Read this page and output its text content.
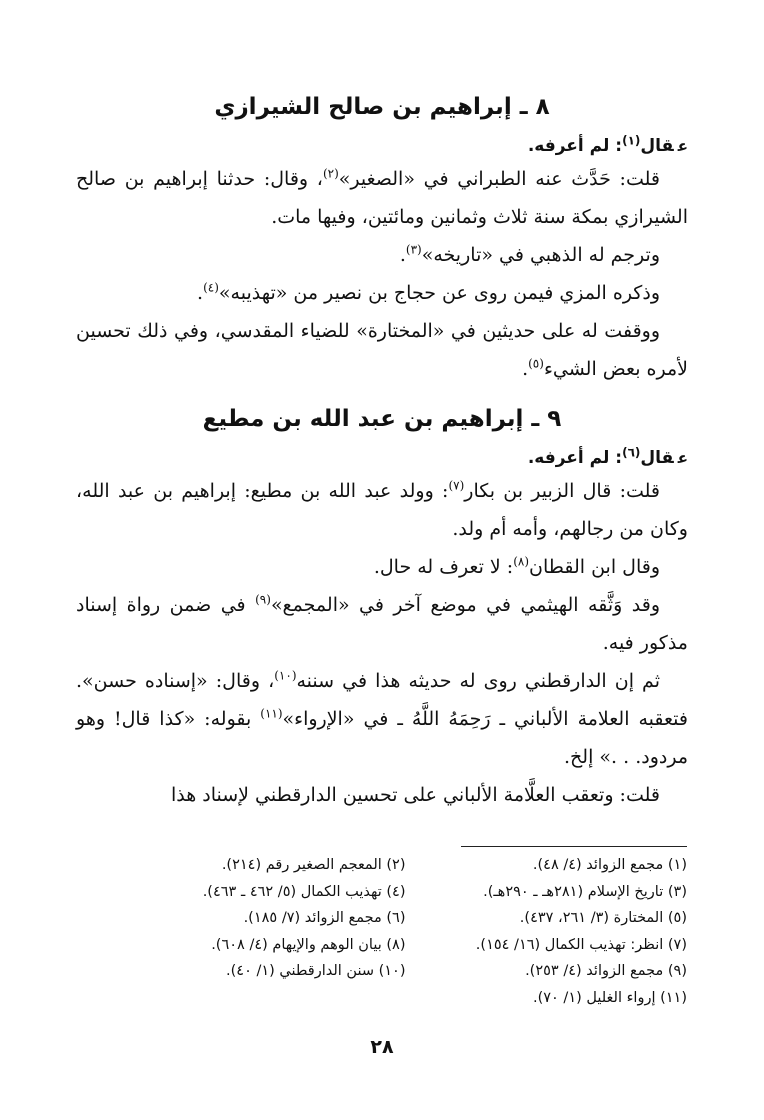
٨ ـ إبراهيم بن صالح الشيرازي

عقال$^{(١)}$: لم أعرفه.

قلت: حَدَّث عنه الطبراني في «الصغير»$^{(٢)}$، وقال: حدثنا إبراهيم بن صالح الشيرازي بمكة سنة ثلاث وثمانين ومائتين، وفيها مات.

وترجم له الذهبي في «تاريخه»$^{(٣)}$.

وذكره المزي فيمن روى عن حجاج بن نصير من «تهذيبه»$^{(٤)}$.

ووقفت له على حديثين في «المختارة» للضياء المقدسي، وفي ذلك تحسين لأمره بعض الشيء$^{(٥)}$.

٩ ـ إبراهيم بن عبد الله بن مطيع

عقال$^{(٦)}$: لم أعرفه.

قلت: قال الزبير بن بكار$^{(٧)}$: وولد عبد الله بن مطيع: إبراهيم بن عبد الله، وكان من رجالهم، وأمه أم ولد.

وقال ابن القطان$^{(٨)}$: لا تعرف له حال.

وقد وَثَّقه الهيثمي في موضع آخر في «المجمع»$^{(٩)}$ في ضمن رواة إسناد مذكور فيه.

ثم إن الدارقطني روى له حديثه هذا في سننه$^{(١٠)}$، وقال: «إسناده حسن». فتعقبه العلامة الألباني ـ رَحِمَهُ اللَّهُ ـ في «الإرواء»$^{(١١)}$ بقوله: «كذا قال! وهو مردود. . .» إلخ.

قلت: وتعقب العلَّامة الألباني على تحسين الدارقطني لإسناد هذا

(١) مجمع الزوائد (٤/ ٤٨).
(٢) المعجم الصغير رقم (٢١٤).
(٣) تاريخ الإسلام (٢٨١هـ ـ ٢٩٠هـ).
(٤) تهذيب الكمال (٥/ ٤٦٢ ـ ٤٦٣).
(٥) المختارة (٣/ ٢٦١، ٤٣٧).
(٦) مجمع الزوائد (٧/ ١٨٥).
(٧) انظر: تهذيب الكمال (١٦/ ١٥٤).
(٨) بيان الوهم والإيهام (٤/ ٦٠٨).
(٩) مجمع الزوائد (٤/ ٢٥٣).
(١٠) سنن الدارقطني (١/ ٤٠).
(١١) إرواء الغليل (١/ ٧٠).
٢٨
